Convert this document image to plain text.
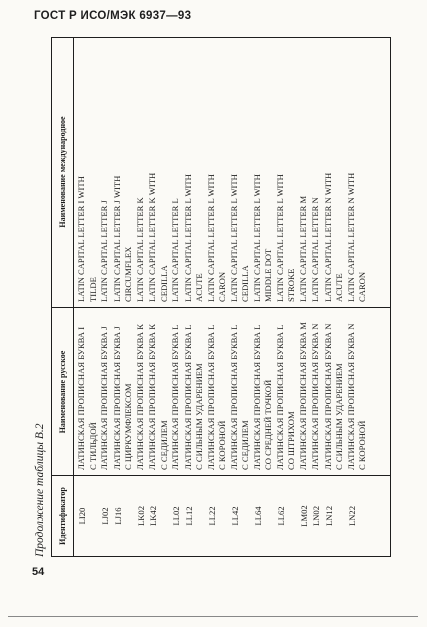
ГОСТ Р ИСО/МЭК 6937—93
Продолжение таблицы В.2	Идентификатор
Наименование русское
Наименование международное
LI20
ЛАТИНСКАЯ ПРОПИСНАЯ БУКВА I С ТИЛЬДОЙ
LATIN CAPITAL LETTER I WITH TILDE
LJ02
ЛАТИНСКАЯ ПРОПИСНАЯ БУКВА J
LATIN CAPITAL LETTER J
LJ16
ЛАТИНСКАЯ ПРОПИСНАЯ БУКВА J С ЦИРКУМФЛЕКСОМ
LATIN CAPITAL LETTER J WITH CIRCUMFLEX
LK02
ЛАТИНСКАЯ ПРОПИСНАЯ БУКВА К
LATIN CAPITAL LETTER K
LK42
ЛАТИНСКАЯ ПРОПИСНАЯ БУКВА К С СЕДИЛЕМ
LATIN CAPITAL LETTER K WITH CEDILLA
LL02
ЛАТИНСКАЯ ПРОПИСНАЯ БУКВА L
LATIN CAPITAL LETTER L
LL12
ЛАТИНСКАЯ ПРОПИСНАЯ БУКВА L С СИЛЬНЫМ УДАРЕНИЕМ
LATIN CAPITAL LETTER L WITH ACUTE
LL22
ЛАТИНСКАЯ ПРОПИСНАЯ БУКВА L С КОРОНОЙ
LATIN CAPITAL LETTER L WITH CARON
LL42
ЛАТИНСКАЯ ПРОПИСНАЯ БУКВА L С СЕДИЛЕМ
LATIN CAPITAL LETTER L WITH CEDILLA
LL64
ЛАТИНСКАЯ ПРОПИСНАЯ БУКВА L СО СРЕДНЕЙ ТОЧКОЙ
LATIN CAPITAL LETTER L WITH MIDDLE DOT
LL62
ЛАТИНСКАЯ ПРОПИСНАЯ БУКВА L СО ШТРИХОМ
LATIN CAPITAL LETTER L WITH STROKE
LM02
ЛАТИНСКАЯ ПРОПИСНАЯ БУКВА М
LATIN CAPITAL LETTER M
LN02
ЛАТИНСКАЯ ПРОПИСНАЯ БУКВА N
LATIN CAPITAL LETTER N
LN12
ЛАТИНСКАЯ ПРОПИСНАЯ БУКВА N С СИЛЬНЫМ УДАРЕНИЕМ
LATIN CAPITAL LETTER N WITH ACUTE
LN22
ЛАТИНСКАЯ ПРОПИСНАЯ БУКВА N С КОРОНОЙ
LATIN CAPITAL LETTER N WITH CARON
54
